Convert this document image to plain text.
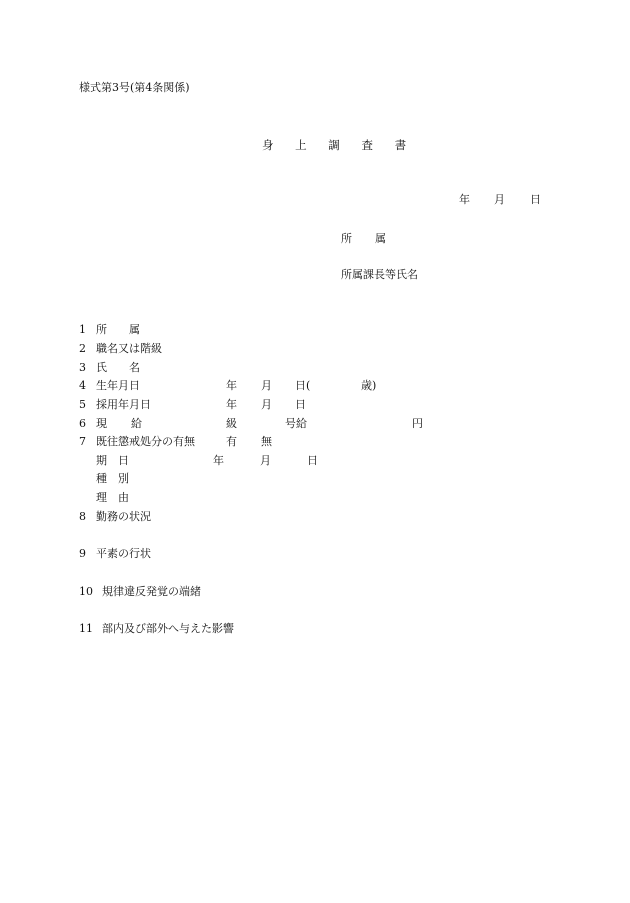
様式第3号(第4条関係)
身 上 調 査 書
年 月 日
所　属
所属課長等氏名
1 所　　属
2 職名又は階級
3 氏　　名
4 生年月日	年 月 日(	歳)
5 採用年月日	年 月 日
6 現 給	級	号給	円
7 既往懲戒処分の有無	有 無
期　日	年	月	日
種　別
理　由
8 勤務の状況
9 平素の行状
10 規律違反発覚の端緒
11 部内及び部外へ与えた影響
